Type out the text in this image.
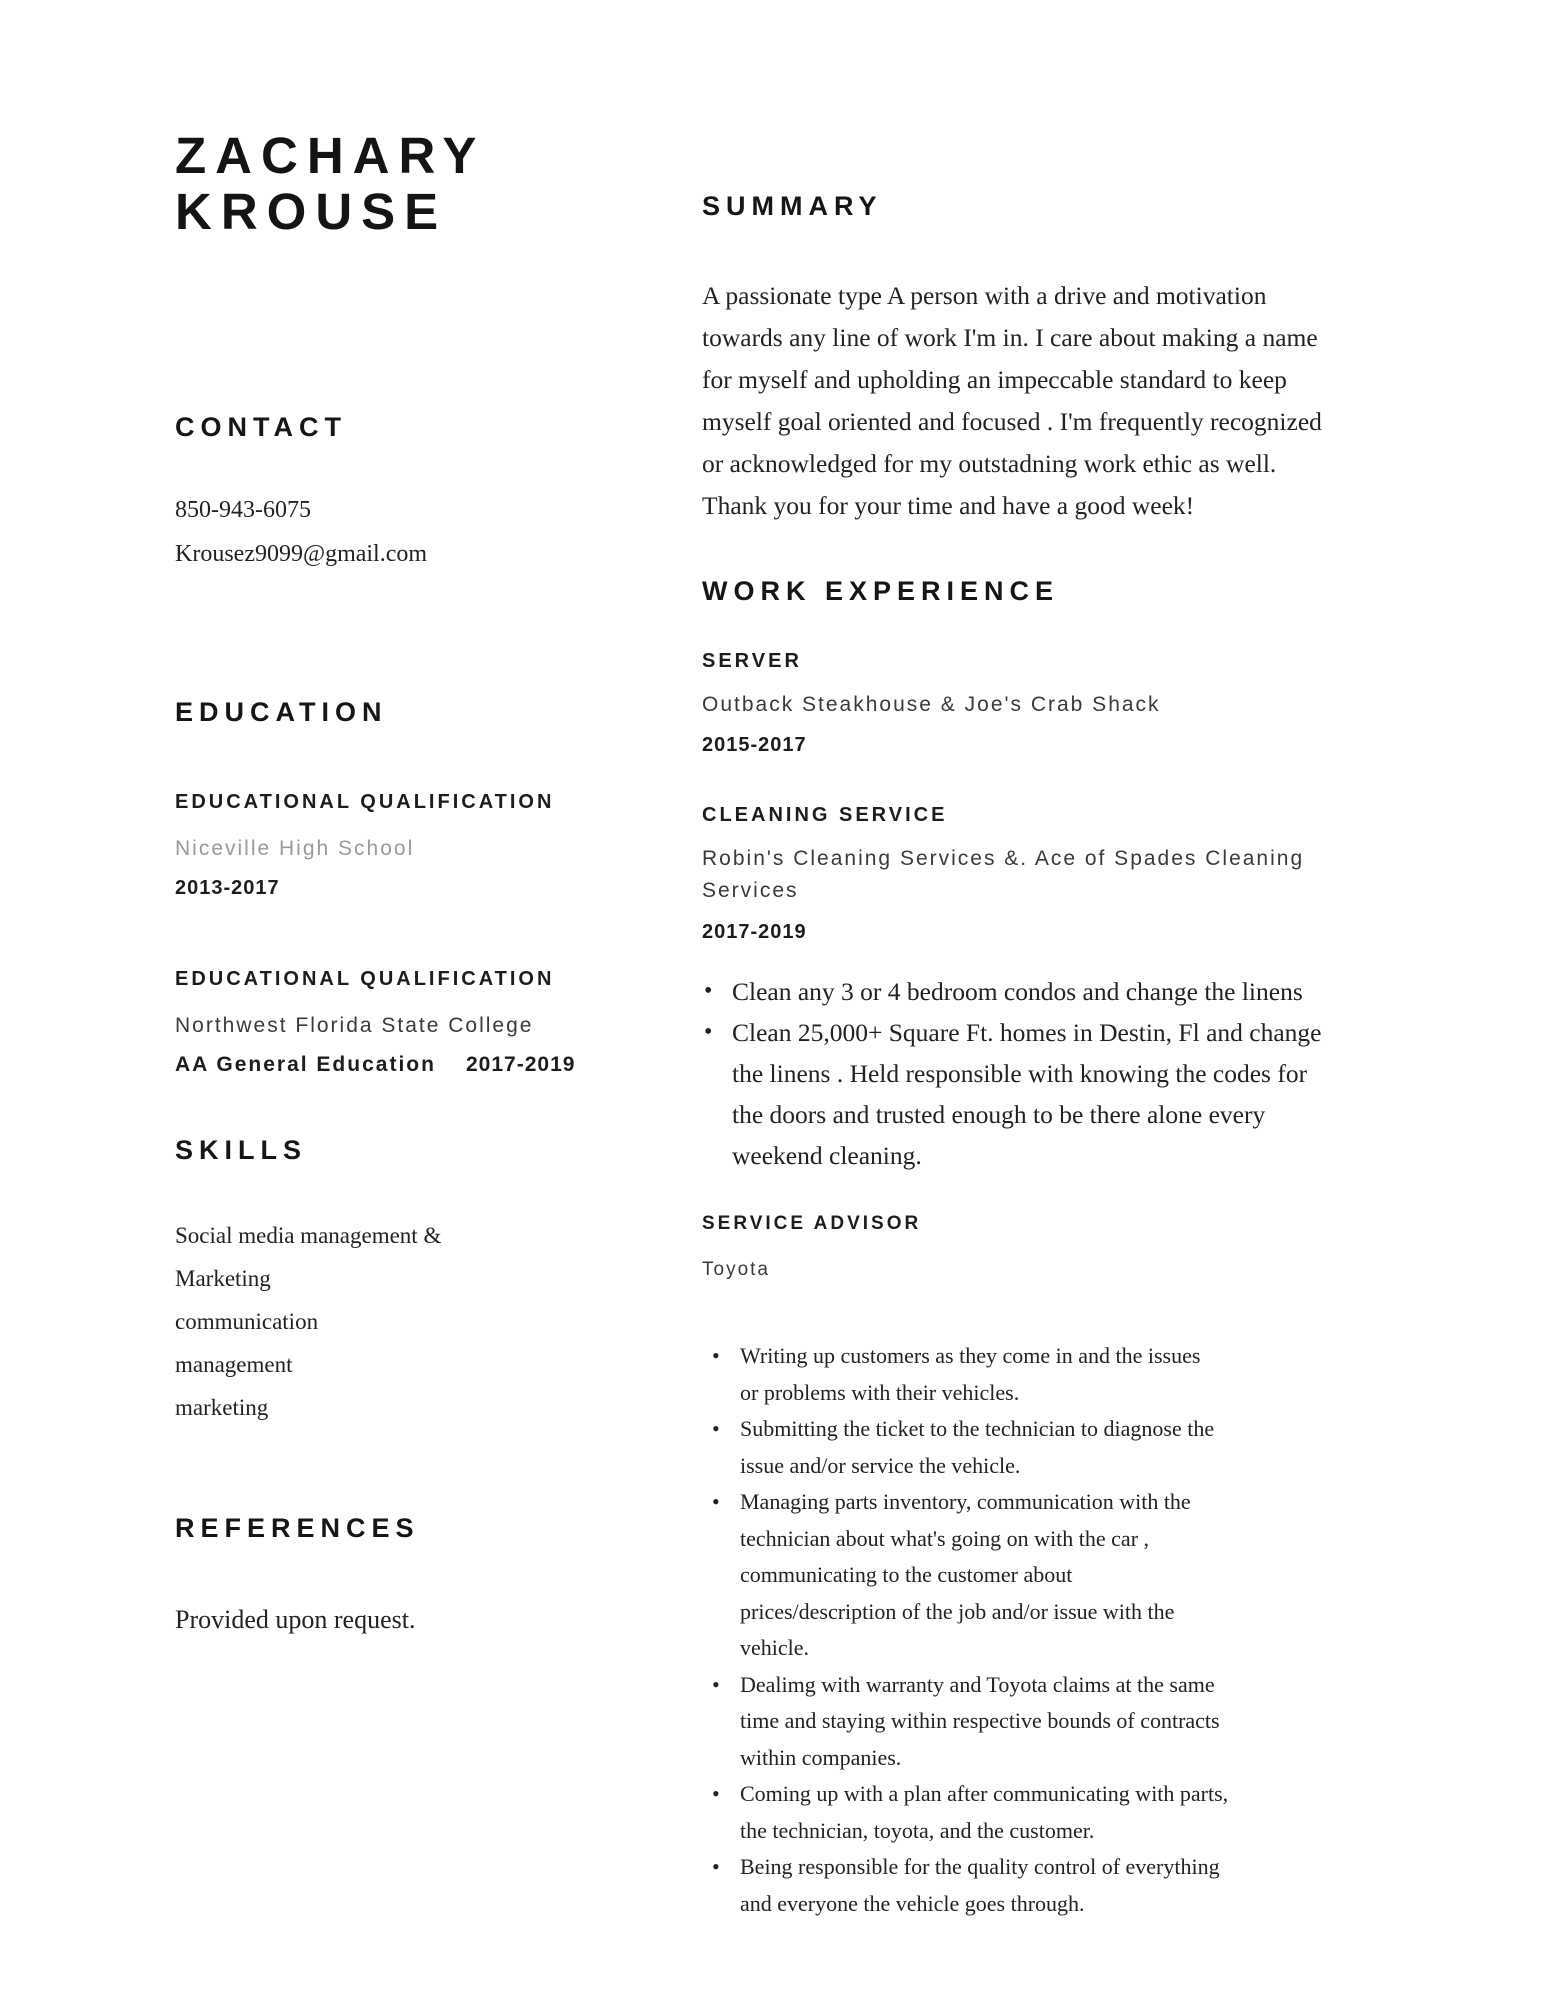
ZACHARY
KROUSE
CONTACT
850-943-6075
Krousez9099@gmail.com
EDUCATION
EDUCATIONAL QUALIFICATION
Niceville High School
2013-2017
EDUCATIONAL QUALIFICATION
Northwest Florida State College
AA General Education 2017-2019
SKILLS
Social media management &
Marketing
communication
management
marketing
REFERENCES
Provided upon request.
SUMMARY
A passionate type A person with a drive and motivation
towards any line of work I'm in. I care about making a name
for myself and upholding an impeccable standard to keep
myself goal oriented and focused . I'm frequently recognized
or acknowledged for my outstadning work ethic as well.
Thank you for your time and have a good week!
WORK EXPERIENCE
SERVER
Outback Steakhouse & Joe's Crab Shack
2015-2017
CLEANING SERVICE
Robin's Cleaning Services &. Ace of Spades Cleaning
Services
2017-2019
• Clean any 3 or 4 bedroom condos and change the linens
• Clean 25,000+ Square Ft. homes in Destin, Fl and change
the linens . Held responsible with knowing the codes for
the doors and trusted enough to be there alone every
weekend cleaning.
SERVICE ADVISOR
Toyota
• Writing up customers as they come in and the issues
or problems with their vehicles.
• Submitting the ticket to the technician to diagnose the
issue and/or service the vehicle.
• Managing parts inventory, communication with the
technician about what's going on with the car ,
communicating to the customer about
prices/description of the job and/or issue with the
vehicle.
• Dealimg with warranty and Toyota claims at the same
time and staying within respective bounds of contracts
within companies.
• Coming up with a plan after communicating with parts,
the technician, toyota, and the customer.
• Being responsible for the quality control of everything
and everyone the vehicle goes through.
